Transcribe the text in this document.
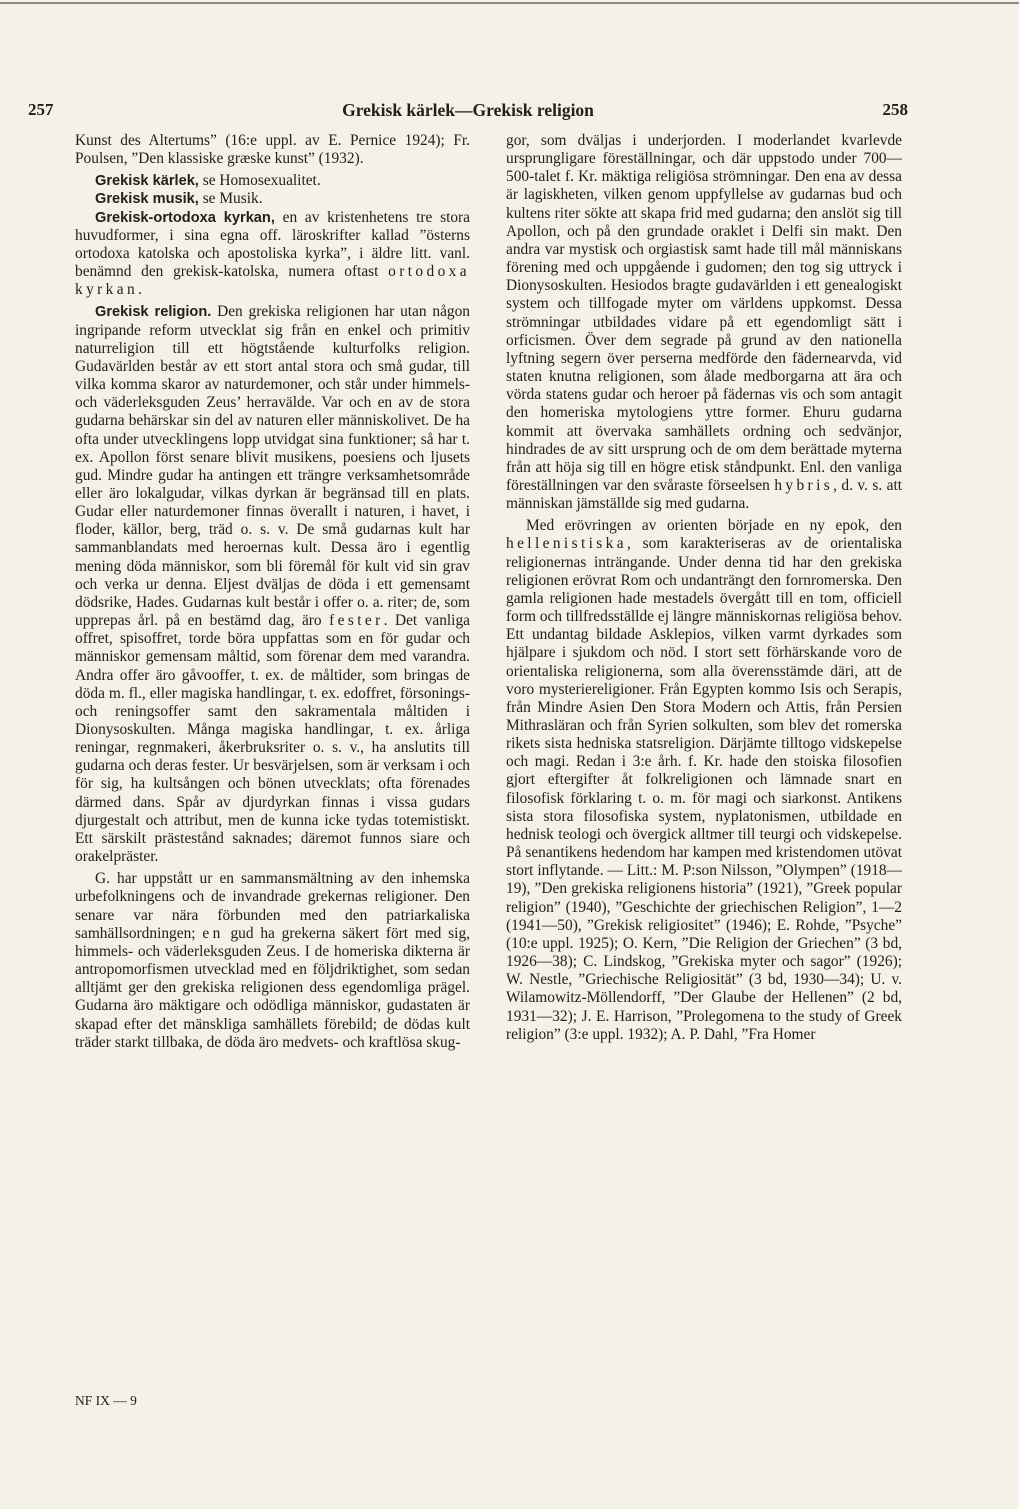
257	Grekisk kärlek—Grekisk religion	258

Kunst des Altertums” (16:e uppl. av E. Pernice 1924); Fr. Poulsen, ”Den klassiske græske kunst” (1932).

Grekisk kärlek, se Homosexualitet.

Grekisk musik, se Musik.

Grekisk-ortodoxa kyrkan, en av kristenhetens tre stora huvudformer, i sina egna off. läroskrifter kallad ”österns ortodoxa katolska och apostoliska kyrka”, i äldre litt. vanl. benämnd den grekisk-katolska, numera oftast ortodoxa kyrkan.

Grekisk religion. Den grekiska religionen har utan någon ingripande reform utvecklat sig från en enkel och primitiv naturreligion till ett högtstående kulturfolks religion. Gudavärlden består av ett stort antal stora och små gudar, till vilka komma skaror av naturdemoner, och står under himmels- och väderleksguden Zeus’ herravälde. Var och en av de stora gudarna behärskar sin del av naturen eller människolivet. De ha ofta under utvecklingens lopp utvidgat sina funktioner; så har t. ex. Apollon först senare blivit musikens, poesiens och ljusets gud. Mindre gudar ha antingen ett trängre verksamhetsområde eller äro lokalgudar, vilkas dyrkan är begränsad till en plats. Gudar eller naturdemoner finnas överallt i naturen, i havet, i floder, källor, berg, träd o. s. v. De små gudarnas kult har sammanblandats med heroernas kult. Dessa äro i egentlig mening döda människor, som bli föremål för kult vid sin grav och verka ur denna. Eljest dväljas de döda i ett gemensamt dödsrike, Hades. Gudarnas kult består i offer o. a. riter; de, som upprepas årl. på en bestämd dag, äro fester. Det vanliga offret, spisoffret, torde böra uppfattas som en för gudar och människor gemensam måltid, som förenar dem med varandra. Andra offer äro gåvooffer, t. ex. de måltider, som bringas de döda m. fl., eller magiska handlingar, t. ex. edoffret, försonings- och reningsoffer samt den sakramentala måltiden i Dionysoskulten. Många magiska handlingar, t. ex. årliga reningar, regnmakeri, åkerbruksriter o. s. v., ha anslutits till gudarna och deras fester. Ur besvärjelsen, som är verksam i och för sig, ha kultsången och bönen utvecklats; ofta förenades därmed dans. Spår av djurdyrkan finnas i vissa gudars djurgestalt och attribut, men de kunna icke tydas totemistiskt. Ett särskilt prästestånd saknades; däremot funnos siare och orakelpräster.

G. har uppstått ur en sammansmältning av den inhemska urbefolkningens och de invandrade grekernas religioner. Den senare var nära förbunden med den patriarkaliska samhällsordningen; en gud ha grekerna säkert fört med sig, himmels- och väderleksguden Zeus. I de homeriska dikterna är antropomorfismen utvecklad med en följdriktighet, som sedan alltjämt ger den grekiska religionen dess egendomliga prägel. Gudarna äro mäktigare och odödliga människor, gudastaten är skapad efter det mänskliga samhällets förebild; de dödas kult träder starkt tillbaka, de döda äro medvets- och kraftlösa skug-

gor, som dväljas i underjorden. I moderlandet kvarlevde ursprungligare föreställningar, och där uppstodo under 700—500-talet f. Kr. mäktiga religiösa strömningar. Den ena av dessa är lagiskheten, vilken genom uppfyllelse av gudarnas bud och kultens riter sökte att skapa frid med gudarna; den anslöt sig till Apollon, och på den grundade oraklet i Delfi sin makt. Den andra var mystisk och orgiastisk samt hade till mål människans förening med och uppgående i gudomen; den tog sig uttryck i Dionysoskulten. Hesiodos bragte gudavärlden i ett genealogiskt system och tillfogade myter om världens uppkomst. Dessa strömningar utbildades vidare på ett egendomligt sätt i orficismen. Över dem segrade på grund av den nationella lyftning segern över perserna medförde den fädernearvda, vid staten knutna religionen, som ålade medborgarna att ära och vörda statens gudar och heroer på fädernas vis och som antagit den homeriska mytologiens yttre former. Ehuru gudarna kommit att övervaka samhällets ordning och sedvänjor, hindrades de av sitt ursprung och de om dem berättade myterna från att höja sig till en högre etisk ståndpunkt. Enl. den vanliga föreställningen var den svåraste förseelsen hybris, d. v. s. att människan jämställde sig med gudarna.

Med erövringen av orienten började en ny epok, den hellenistiska, som karakteriseras av de orientaliska religionernas inträngande. Under denna tid har den grekiska religionen erövrat Rom och undanträngt den fornromerska. Den gamla religionen hade mestadels övergått till en tom, officiell form och tillfredsställde ej längre människornas religiösa behov. Ett undantag bildade Asklepios, vilken varmt dyrkades som hjälpare i sjukdom och nöd. I stort sett förhärskande voro de orientaliska religionerna, som alla överensstämde däri, att de voro mysteriereligioner. Från Egypten kommo Isis och Serapis, från Mindre Asien Den Stora Modern och Attis, från Persien Mithrasläran och från Syrien solkulten, som blev det romerska rikets sista hedniska statsreligion. Därjämte tilltogo vidskepelse och magi. Redan i 3:e årh. f. Kr. hade den stoiska filosofien gjort eftergifter åt folkreligionen och lämnade snart en filosofisk förklaring t. o. m. för magi och siarkonst. Antikens sista stora filosofiska system, nyplatonismen, utbildade en hednisk teologi och övergick alltmer till teurgi och vidskepelse. På senantikens hedendom har kampen med kristendomen utövat stort inflytande. — Litt.: M. P:son Nilsson, ”Olympen” (1918—19), ”Den grekiska religionens historia” (1921), ”Greek popular religion” (1940), ”Geschichte der griechischen Religion”, 1—2 (1941—50), ”Grekisk religiositet” (1946); E. Rohde, ”Psyche” (10:e uppl. 1925); O. Kern, ”Die Religion der Griechen” (3 bd, 1926—38); C. Lindskog, ”Grekiska myter och sagor” (1926); W. Nestle, ”Griechische Religiosität” (3 bd, 1930—34); U. v. Wilamowitz-Möllendorff, ”Der Glaube der Hellenen” (2 bd, 1931—32); J. E. Harrison, ”Prolegomena to the study of Greek religion” (3:e uppl. 1932); A. P. Dahl, ”Fra Homer

NF IX — 9
